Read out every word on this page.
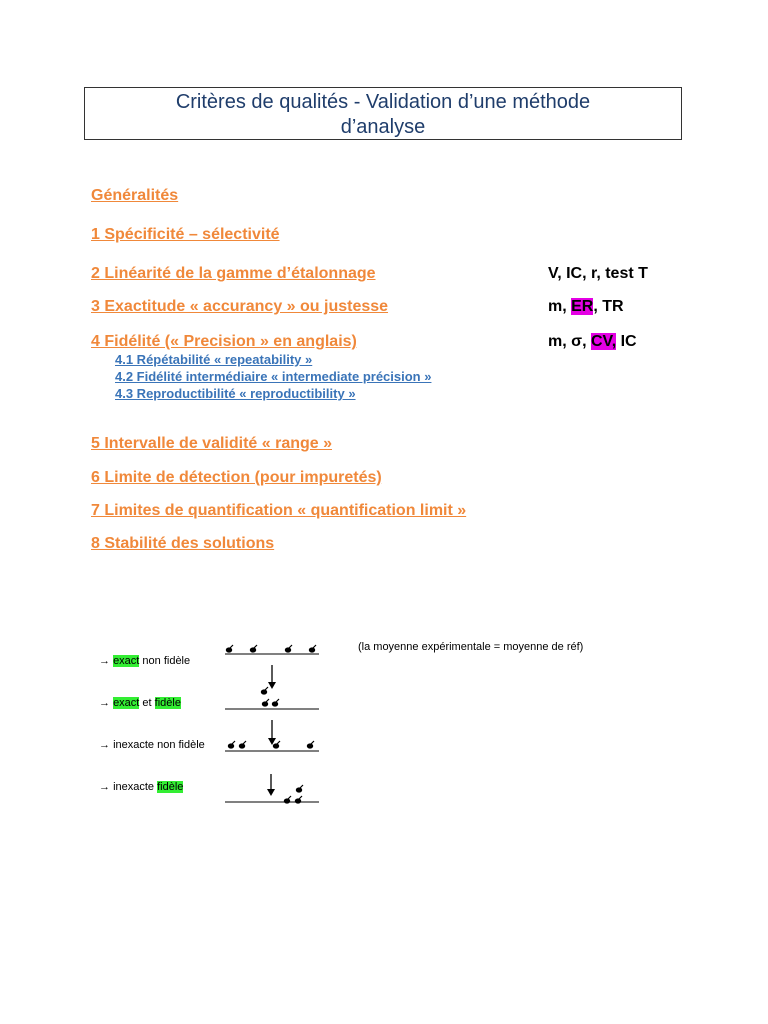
Critères de qualités - Validation d’une méthode
d’analyse
Généralités
1 Spécificité – sélectivité
2 Linéarité de la gamme d’étalonnage
3 Exactitude « accurancy » ou justesse
4 Fidélité (« Precision » en anglais)
4.1 Répétabilité « repeatability »
4.2 Fidélité intermédiaire « intermediate précision »
4.3 Reproductibilité « reproductibility »
5 Intervalle de validité « range »
6 Limite de détection (pour impuretés)
7 Limites de quantification « quantification limit »
8 Stabilité des solutions
V, IC, r, test T
m, ER, TR
m, σ, CV, IC
→ exact non fidèle
→ exact et fidèle
→ inexacte non fidèle
→ inexacte fidèle
(la moyenne expérimentale = moyenne de réf)
